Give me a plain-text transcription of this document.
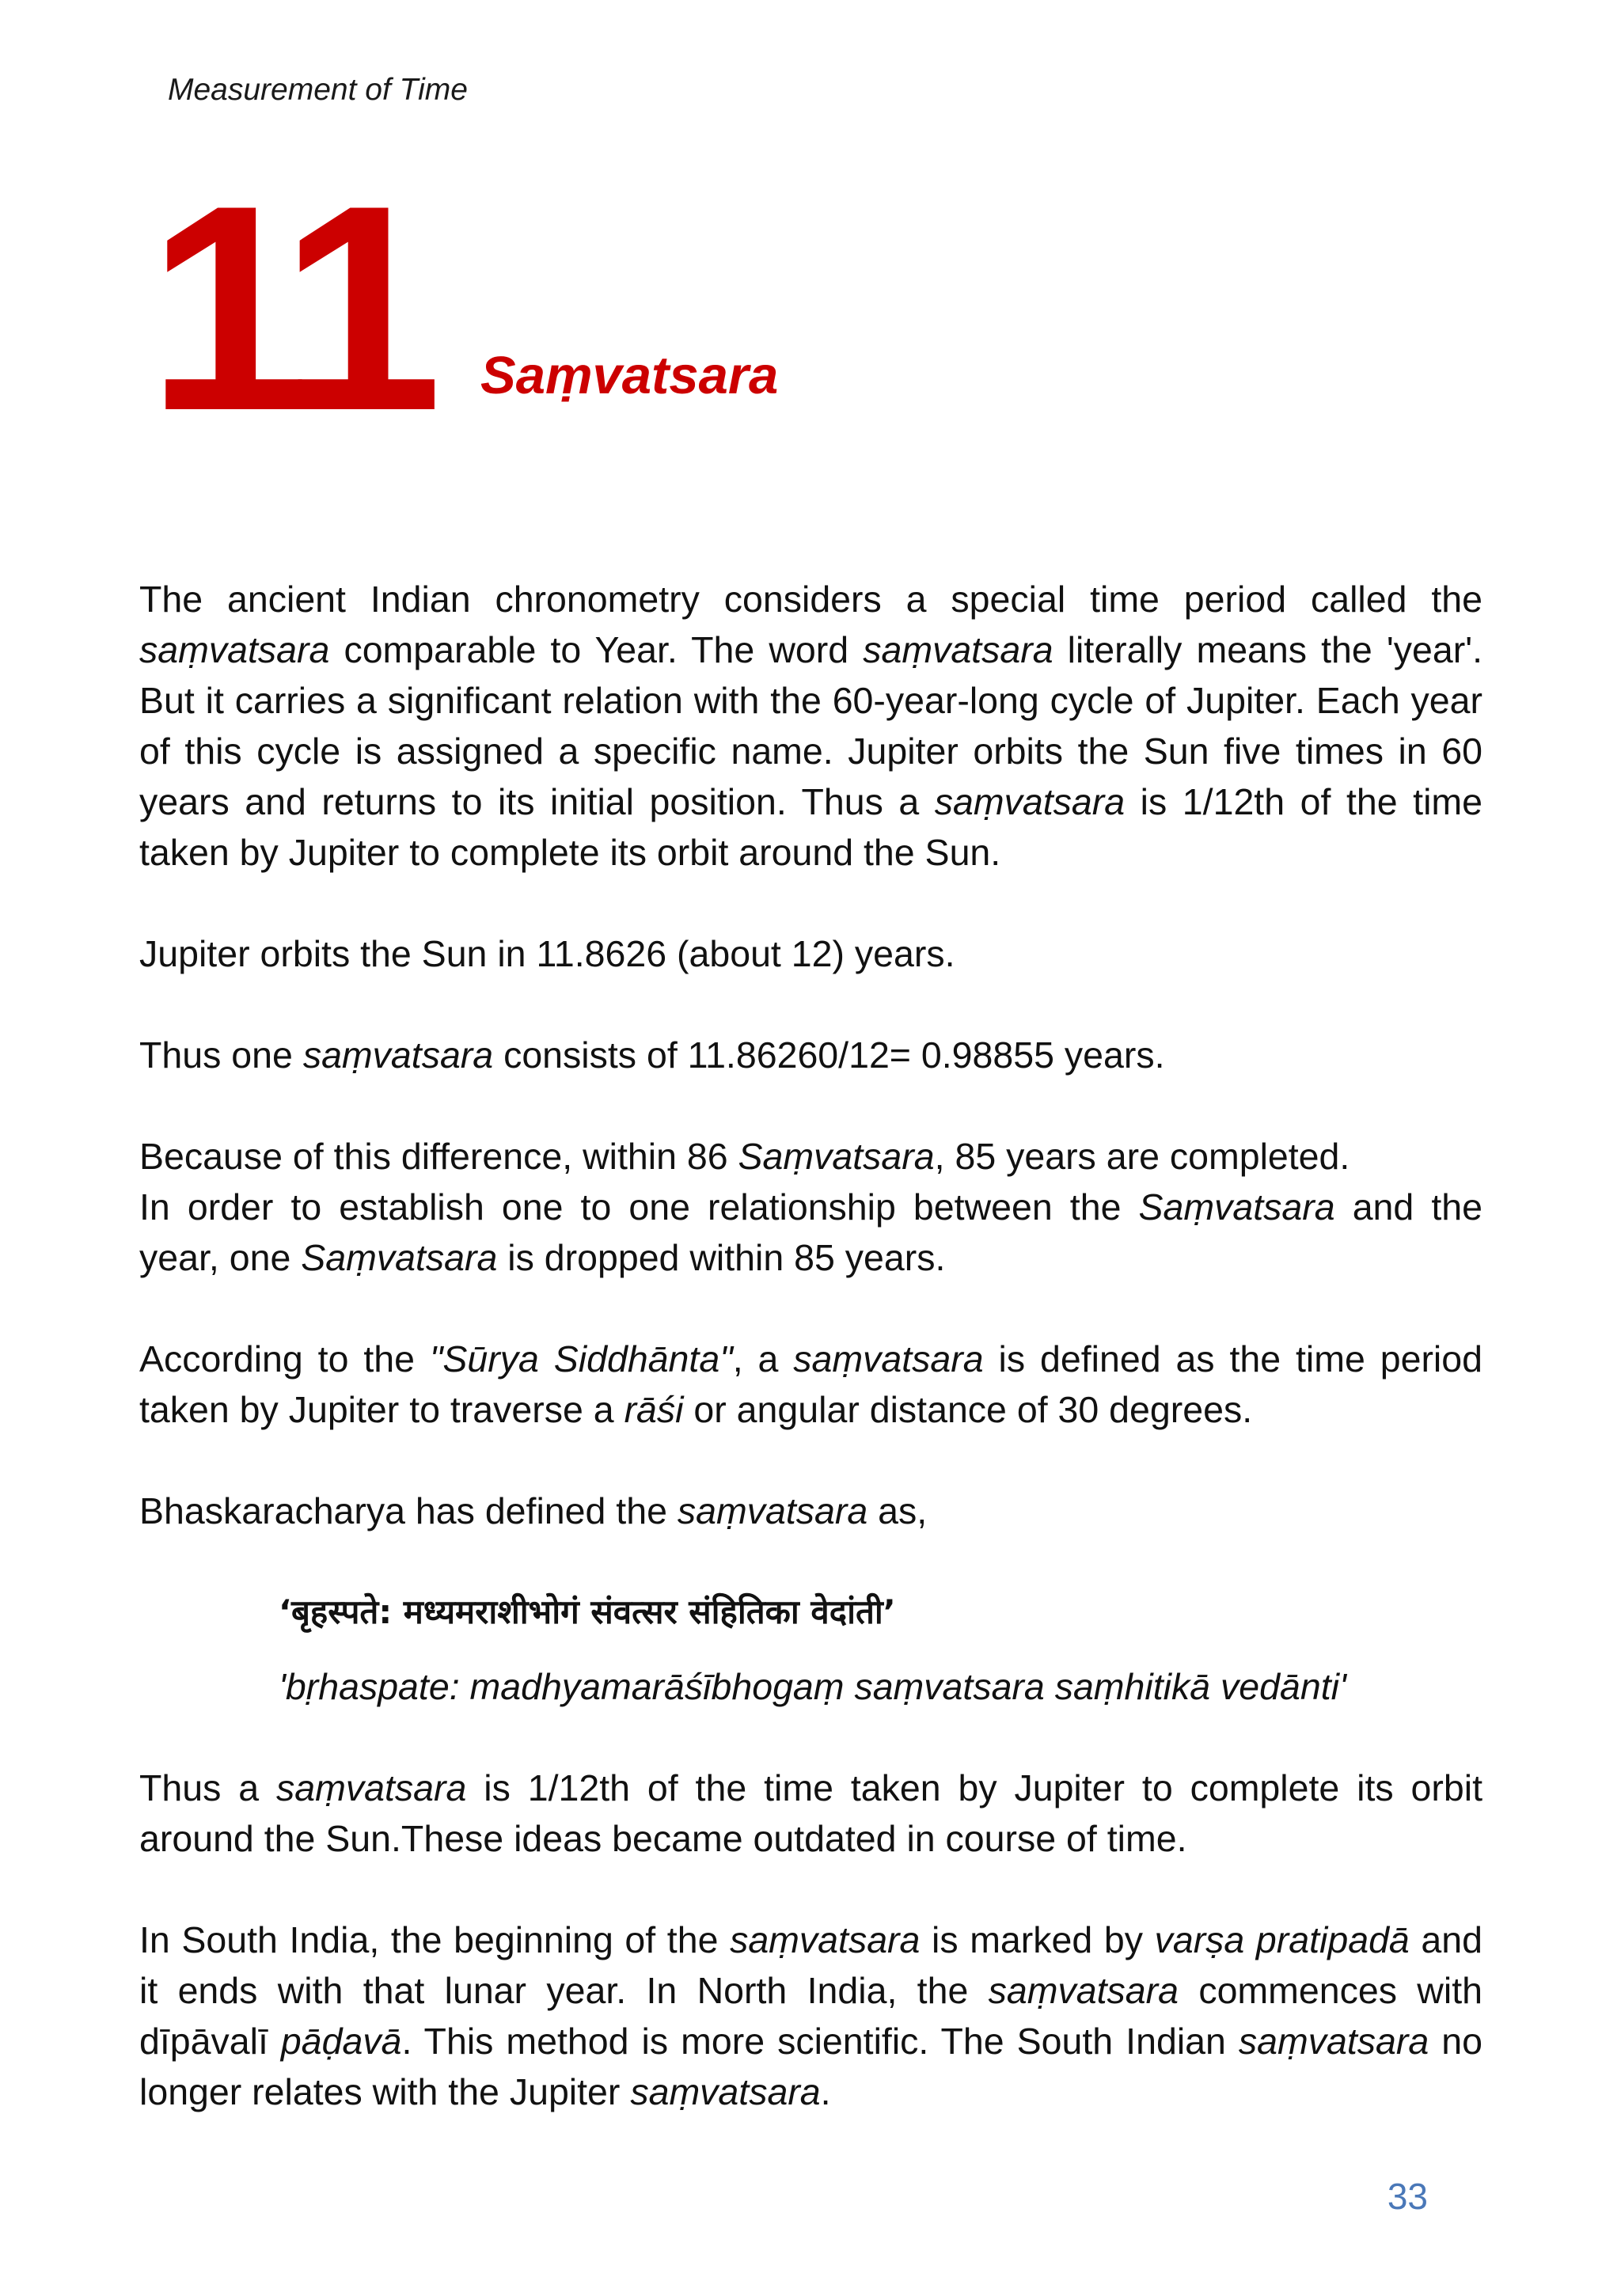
Measurement of Time

11 Saṃvatsara

The ancient Indian chronometry considers a special time period called the saṃvatsara comparable to Year. The word saṃvatsara literally means the 'year'. But it carries a significant relation with the 60-year-long cycle of Jupiter. Each year of this cycle is assigned a specific name. Jupiter orbits the Sun five times in 60 years and returns to its initial position. Thus a saṃvatsara is 1/12th of the time taken by Jupiter to complete its orbit around the Sun.

Jupiter orbits the Sun in 11.8626 (about 12) years.

Thus one saṃvatsara consists of 11.86260/12= 0.98855 years.

Because of this difference, within 86 Saṃvatsara, 85 years are completed.

In order to establish one to one relationship between the Saṃvatsara and the year, one Saṃvatsara is dropped within 85 years.

According to the "Sūrya Siddhānta", a saṃvatsara is defined as the time period taken by Jupiter to traverse a rāśi or angular distance of 30 degrees.

Bhaskaracharya has defined the saṃvatsara as,

‘बृहस्पते: मध्यमराशीभोगं संवत्सर संहितिका वेदांती’

'bṛhaspate: madhyamarāśībhogaṃ saṃvatsara saṃhitikā vedānti'

Thus a saṃvatsara is 1/12th of the time taken by Jupiter to complete its orbit around the Sun.These ideas became outdated in course of time.

In South India, the beginning of the saṃvatsara is marked by varṣa pratipadā and it ends with that lunar year. In North India, the saṃvatsara commences with dīpāvalī pāḍavā. This method is more scientific. The South Indian saṃvatsara no longer relates with the Jupiter saṃvatsara.

33
